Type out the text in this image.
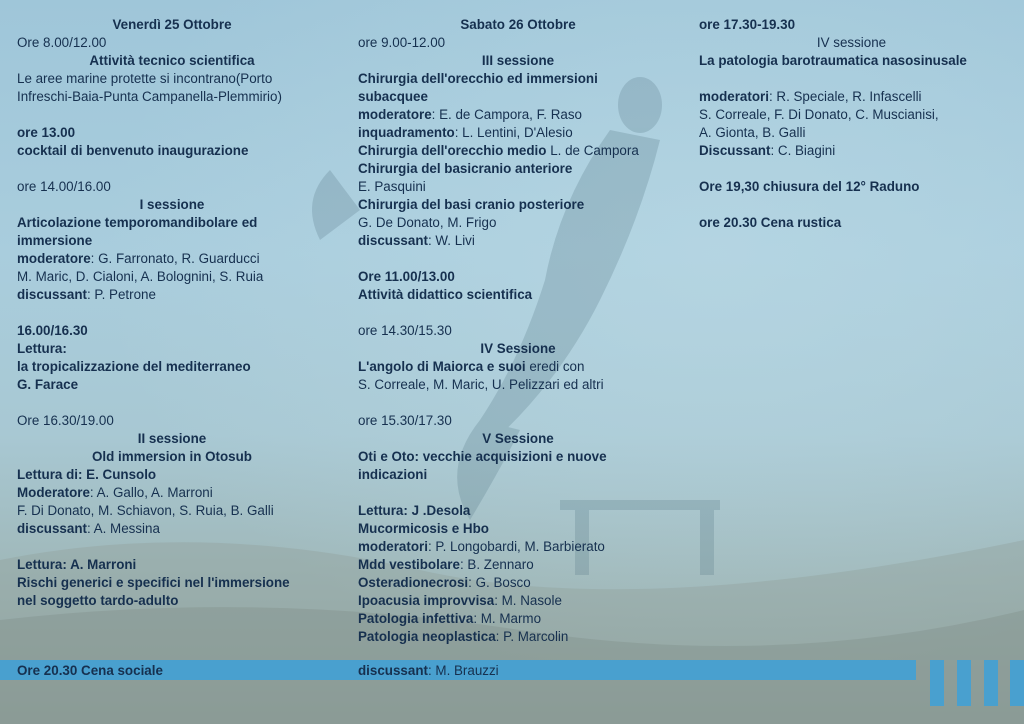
Venerdì 25 Ottobre
Ore 8.00/12.00
Attività tecnico scientifica
Le aree marine protette si incontrano(Porto
Infreschi-Baia-Punta Campanella-Plemmirio)
ore 13.00
cocktail di benvenuto inaugurazione
ore 14.00/16.00
I sessione
Articolazione temporomandibolare ed
immersione
moderatore: G. Farronato, R. Guarducci
M. Maric, D. Cialoni, A. Bolognini, S. Ruia
discussant: P. Petrone
16.00/16.30
Lettura:
la tropicalizzazione del mediterraneo
G. Farace
Ore 16.30/19.00
II sessione
Old immersion in Otosub
Lettura di: E. Cunsolo
Moderatore: A. Gallo, A. Marroni
F. Di Donato, M. Schiavon, S. Ruia, B. Galli
discussant: A. Messina
Lettura: A. Marroni
Rischi generici e specifici nel l'immersione
nel soggetto tardo-adulto
Sabato 26 Ottobre
ore 9.00-12.00
III sessione
Chirurgia dell'orecchio ed immersioni
subacquee
moderatore: E. de Campora, F. Raso
inquadramento: L. Lentini, D'Alesio
Chirurgia dell'orecchio medio L. de Campora
Chirurgia del basicranio anteriore
E. Pasquini
Chirurgia del basi cranio posteriore
G. De Donato, M. Frigo
discussant: W. Livi
Ore 11.00/13.00
Attività didattico scientifica
ore 14.30/15.30
IV Sessione
L'angolo di Maiorca e suoi eredi con
S. Correale, M. Maric, U. Pelizzari ed altri
ore 15.30/17.30
V Sessione
Oti e Oto: vecchie acquisizioni e nuove
indicazioni
Lettura: J .Desola
Mucormicosis e Hbo
moderatori: P. Longobardi, M. Barbierato
Mdd vestibolare: B. Zennaro
Osteradionecrosi: G. Bosco
Ipoacusia improvvisa: M. Nasole
Patologia infettiva: M. Marmo
Patologia neoplastica: P. Marcolin
ore 17.30-19.30
IV sessione
La patologia barotraumatica nasosinusale
moderatori: R. Speciale, R. Infascelli
S. Correale, F. Di Donato, C. Muscianisi,
A. Gionta, B. Galli
Discussant: C. Biagini
Ore 19,30 chiusura del 12° Raduno
ore 20.30 Cena rustica
Ore 20.30 Cena sociale	discussant: M. Brauzzi
